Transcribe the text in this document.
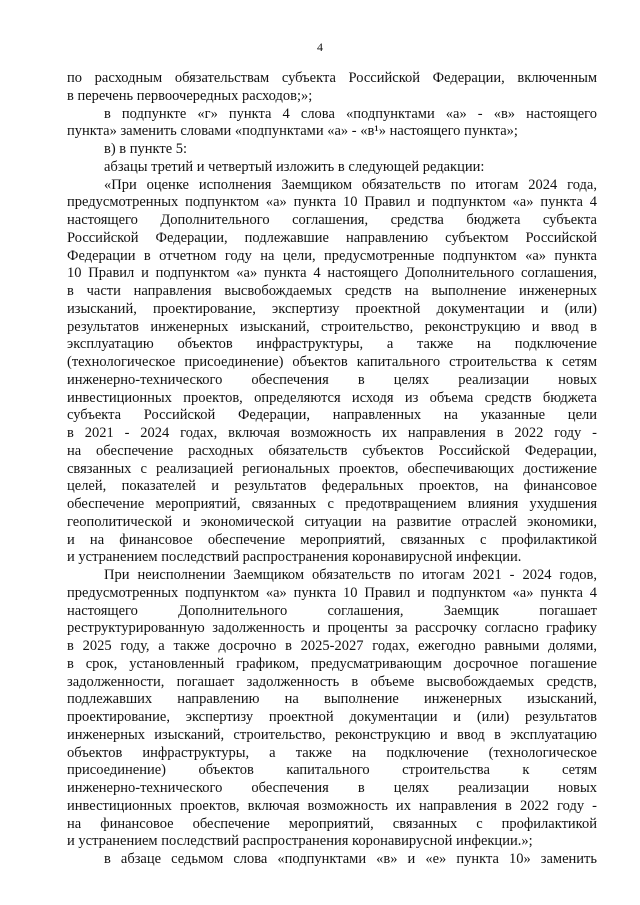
4
по расходным обязательствам субъекта Российской Федерации, включенным
в перечень первоочередных расходов;»;
в подпункте «г» пункта 4 слова «подпунктами «а» - «в» настоящего
пункта» заменить словами «подпунктами «а» - «в¹» настоящего пункта»;
в) в пункте 5:
абзацы третий и четвертый изложить в следующей редакции:
«При оценке исполнения Заемщиком обязательств по итогам 2024 года,
предусмотренных подпунктом «а» пункта 10 Правил и подпунктом «а» пункта 4
настоящего Дополнительного соглашения, средства бюджета субъекта
Российской Федерации, подлежавшие направлению субъектом Российской
Федерации в отчетном году на цели, предусмотренные подпунктом «а» пункта
10 Правил и подпунктом «а» пункта 4 настоящего Дополнительного соглашения,
в части направления высвобождаемых средств на выполнение инженерных
изысканий, проектирование, экспертизу проектной документации и (или)
результатов инженерных изысканий, строительство, реконструкцию и ввод в
эксплуатацию объектов инфраструктуры, а также на подключение
(технологическое присоединение) объектов капитального строительства к сетям
инженерно-технического обеспечения в целях реализации новых
инвестиционных проектов, определяются исходя из объема средств бюджета
субъекта Российской Федерации, направленных на указанные цели
в 2021 - 2024 годах, включая возможность их направления в 2022 году -
на обеспечение расходных обязательств субъектов Российской Федерации,
связанных с реализацией региональных проектов, обеспечивающих достижение
целей, показателей и результатов федеральных проектов, на финансовое
обеспечение мероприятий, связанных с предотвращением влияния ухудшения
геополитической и экономической ситуации на развитие отраслей экономики,
и на финансовое обеспечение мероприятий, связанных с профилактикой
и устранением последствий распространения коронавирусной инфекции.
При неисполнении Заемщиком обязательств по итогам 2021 - 2024 годов,
предусмотренных подпунктом «а» пункта 10 Правил и подпунктом «а» пункта 4
настоящего Дополнительного соглашения, Заемщик погашает
реструктурированную задолженность и проценты за рассрочку согласно графику
в 2025 году, а также досрочно в 2025-2027 годах, ежегодно равными долями,
в срок, установленный графиком, предусматривающим досрочное погашение
задолженности, погашает задолженность в объеме высвобождаемых средств,
подлежавших направлению на выполнение инженерных изысканий,
проектирование, экспертизу проектной документации и (или) результатов
инженерных изысканий, строительство, реконструкцию и ввод в эксплуатацию
объектов инфраструктуры, а также на подключение (технологическое
присоединение) объектов капитального строительства к сетям
инженерно-технического обеспечения в целях реализации новых
инвестиционных проектов, включая возможность их направления в 2022 году -
на финансовое обеспечение мероприятий, связанных с профилактикой
и устранением последствий распространения коронавирусной инфекции.»;
в абзаце седьмом слова «подпунктами «в» и «е» пункта 10» заменить
